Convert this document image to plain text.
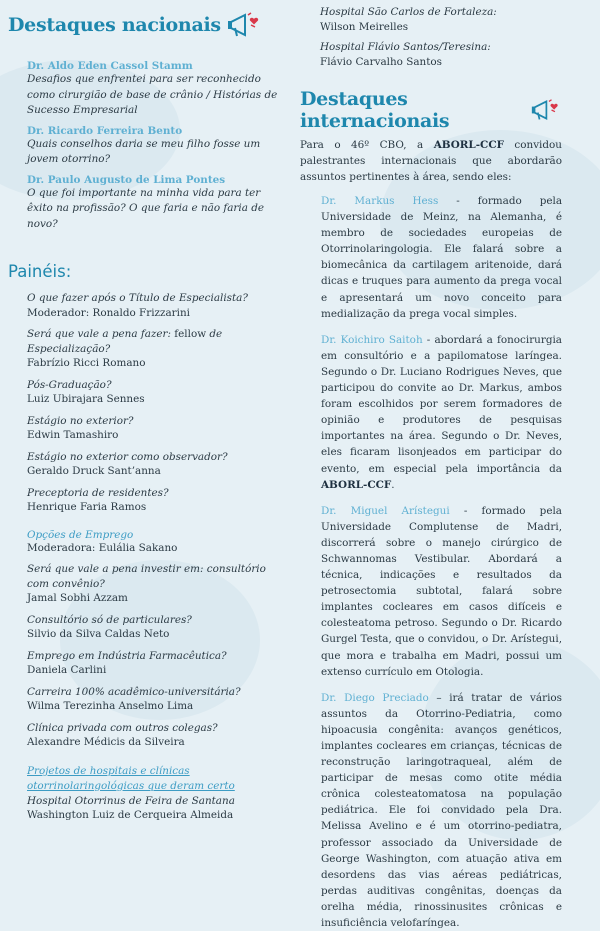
Destaques nacionais

Dr. Aldo Eden Cassol Stamm

Desafios que enfrentei para ser reconhecido como cirurgião de base de crânio / Histórias de Sucesso Empresarial

Dr. Ricardo Ferreira Bento

Quais conselhos daria se meu filho fosse um jovem otorrino?

Dr. Paulo Augusto de Lima Pontes

O que foi importante na minha vida para ter êxito na profissão? O que faria e não faria de novo?

Painéis:

O que fazer após o Título de Especialista?

Moderador: Ronaldo Frizzarini

Será que vale a pena fazer: fellow de Especialização?

Fabrízio Ricci Romano

Pós-Graduação?

Luiz Ubirajara Sennes

Estágio no exterior?

Edwin Tamashiro

Estágio no exterior como observador?

Geraldo Druck Sant’anna

Preceptoria de residentes?

Henrique Faria Ramos

Opções de Emprego

Moderadora: Eulália Sakano

Será que vale a pena investir em: consultório com convênio?

Jamal Sobhi Azzam

Consultório só de particulares?

Silvio da Silva Caldas Neto

Emprego em Indústria Farmacêutica?

Daniela Carlini

Carreira 100% acadêmico-universitária?

Wilma Terezinha Anselmo Lima

Clínica privada com outros colegas?

Alexandre Médicis da Silveira

Projetos de hospitais e clínicas otorrinolaringológicas que deram certo

Hospital Otorrinus de Feira de Santana

Washington Luiz de Cerqueira Almeida

Hospital São Carlos de Fortaleza:

Wilson Meirelles

Hospital Flávio Santos/Teresina:

Flávio Carvalho Santos

Destaques internacionais

Para o 46º CBO, a ABORL-CCF convidou palestrantes internacionais que abordarão assuntos pertinentes à área, sendo eles:

Dr. Markus Hess - formado pela Universidade de Meinz, na Alemanha, é membro de sociedades europeias de Otorrinolaringologia. Ele falará sobre a biomecânica da cartilagem aritenoide, dará dicas e truques para aumento da prega vocal e apresentará um novo conceito para medialização da prega vocal simples.

Dr. Koichiro Saitoh - abordará a fonocirurgia em consultório e a papilomatose laríngea. Segundo o Dr. Luciano Rodrigues Neves, que participou do convite ao Dr. Markus, ambos foram escolhidos por serem formadores de opinião e produtores de pesquisas importantes na área. Segundo o Dr. Neves, eles ficaram lisonjeados em participar do evento, em especial pela importância da ABORL-CCF.

Dr. Miguel Arístegui - formado pela Universidade Complutense de Madri, discorrerá sobre o manejo cirúrgico de Schwannomas Vestibular. Abordará a técnica, indicações e resultados da petrosectomia subtotal, falará sobre implantes cocleares em casos difíceis e colesteatoma petroso. Segundo o Dr. Ricardo Gurgel Testa, que o convidou, o Dr. Arístegui, que mora e trabalha em Madri, possui um extenso currículo em Otologia.

Dr. Diego Preciado – irá tratar de vários assuntos da Otorrino-Pediatria, como hipoacusia congênita: avanços genéticos, implantes cocleares em crianças, técnicas de reconstrução laringotraqueal, além de participar de mesas como otite média crônica colesteatomatosa na população pediátrica. Ele foi convidado pela Dra. Melissa Avelino e é um otorrino-pediatra, professor associado da Universidade de George Washington, com atuação ativa em desordens das vias aéreas pediátricas, perdas auditivas congênitas, doenças da orelha média, rinossinusites crônicas e insuficiência velofaríngea.
